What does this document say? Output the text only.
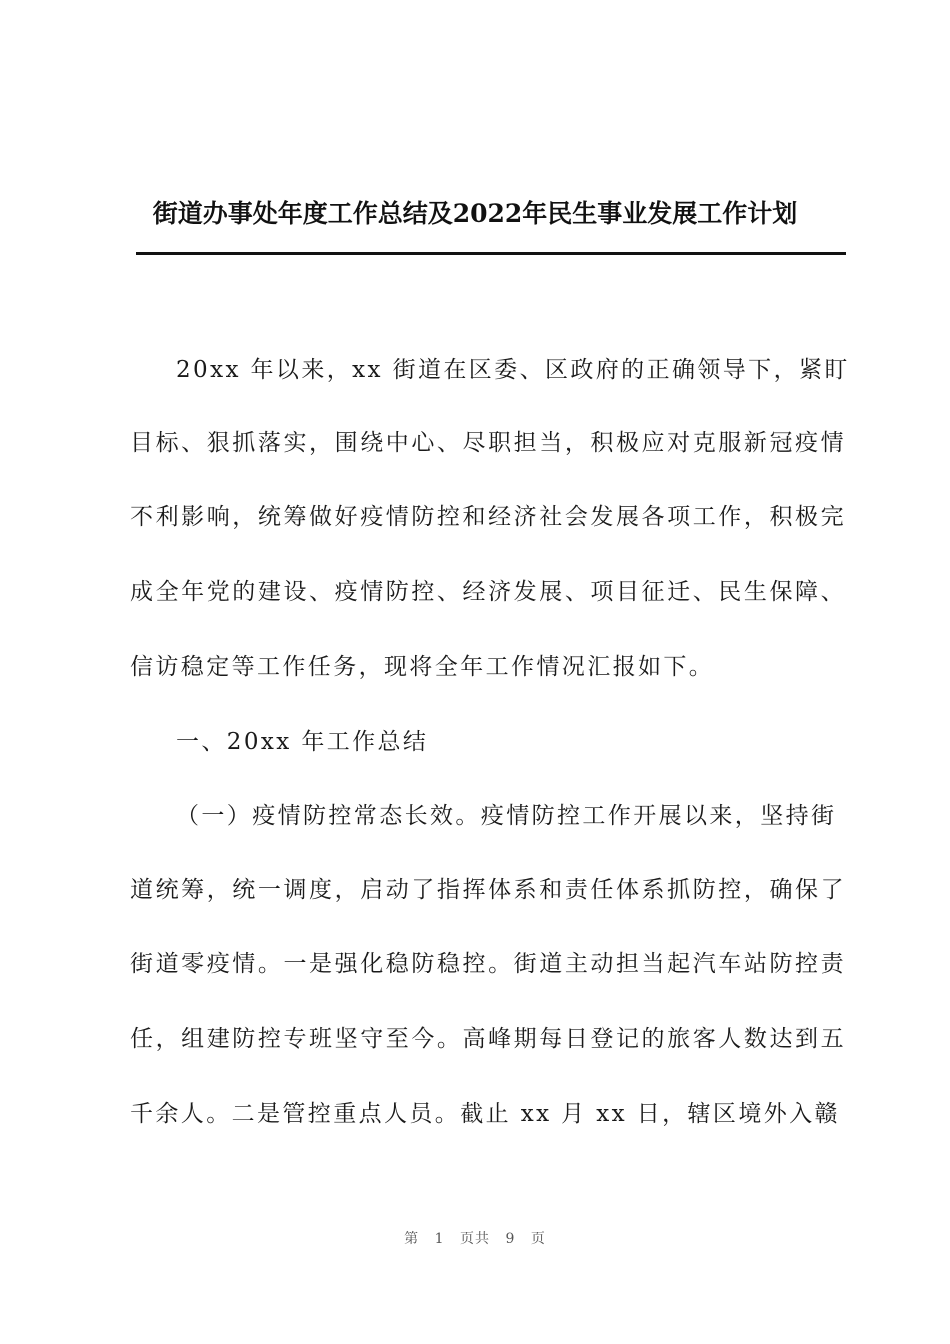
街道办事处年度工作总结及2022年民生事业发展工作计划
20xx 年以来，xx 街道在区委、区政府的正确领导下，紧盯
目标、狠抓落实，围绕中心、尽职担当，积极应对克服新冠疫情
不利影响，统筹做好疫情防控和经济社会发展各项工作，积极完
成全年党的建设、疫情防控、经济发展、项目征迁、民生保障、
信访稳定等工作任务，现将全年工作情况汇报如下。
一、20xx 年工作总结
（一）疫情防控常态长效。疫情防控工作开展以来，坚持街
道统筹，统一调度，启动了指挥体系和责任体系抓防控，确保了
街道零疫情。一是强化稳防稳控。街道主动担当起汽车站防控责
任，组建防控专班坚守至今。高峰期每日登记的旅客人数达到五
千余人。二是管控重点人员。截止 xx 月 xx 日，辖区境外入赣
第 1 页共 9 页
